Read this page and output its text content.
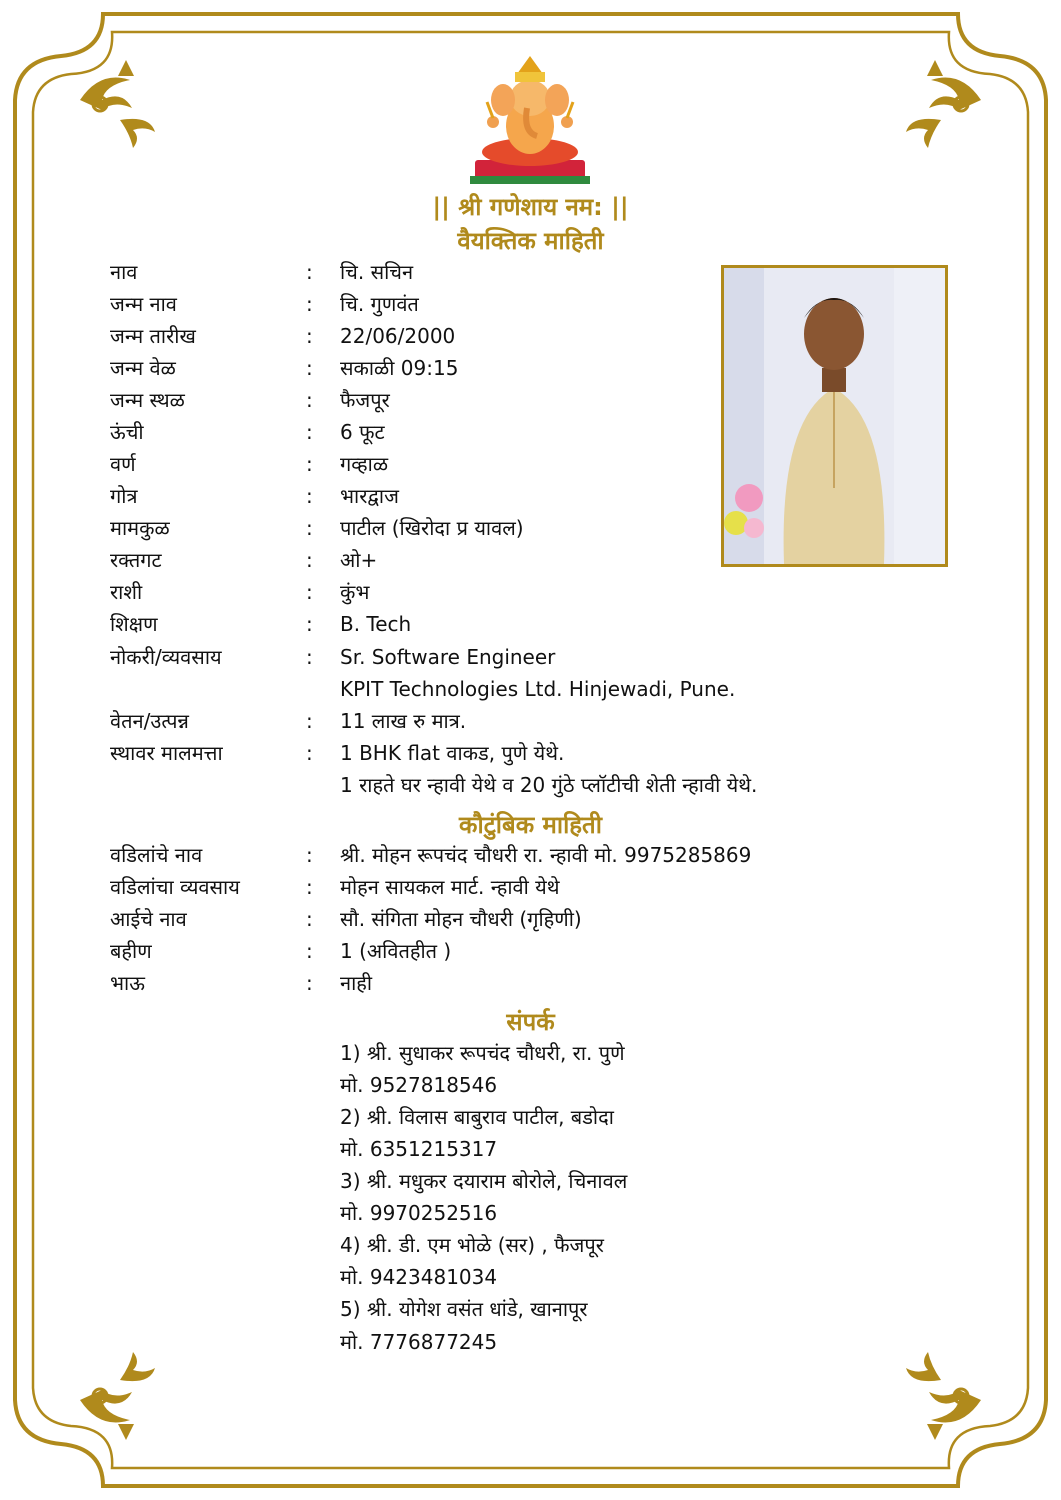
|| श्री गणेशाय नम: ||
वैयक्तिक माहिती
नाव	:	चि. सचिन
जन्म नाव	:	चि. गुणवंत
जन्म तारीख	:	22/06/2000
जन्म वेळ	:	सकाळी 09:15
जन्म स्थळ	:	फैजपूर
ऊंची	:	6 फूट
वर्ण	:	गव्हाळ
गोत्र	:	भारद्वाज
मामकुळ	:	पाटील (खिरोदा प्र यावल)
रक्तगट	:	ओ+
राशी	:	कुंभ
शिक्षण	:	B. Tech
नोकरी/व्यवसाय	:	Sr. Software Engineer
KPIT Technologies Ltd. Hinjewadi, Pune.
वेतन/उत्पन्न	:	11 लाख रु मात्र.
स्थावर मालमत्ता	:	1 BHK flat वाकड, पुणे येथे.
1 राहते घर न्हावी येथे व 20 गुंठे प्लॉटीची शेती न्हावी येथे.
कौटुंबिक माहिती
वडिलांचे नाव	:	श्री. मोहन रूपचंद चौधरी रा. न्हावी मो. 9975285869
वडिलांचा व्यवसाय	:	मोहन सायकल मार्ट. न्हावी येथे
आईचे नाव	:	सौ. संगिता मोहन चौधरी (गृहिणी)
बहीण	:	1 (अवितहीत )
भाऊ	:	नाही
संपर्क
1) श्री. सुधाकर रूपचंद चौधरी, रा. पुणे
मो. 9527818546
2) श्री. विलास बाबुराव पाटील, बडोदा
मो. 6351215317
3) श्री. मधुकर दयाराम बोरोले, चिनावल
मो. 9970252516
4) श्री. डी. एम भोळे (सर) , फैजपूर
मो. 9423481034
5) श्री. योगेश वसंत धांडे, खानापूर
मो. 7776877245
